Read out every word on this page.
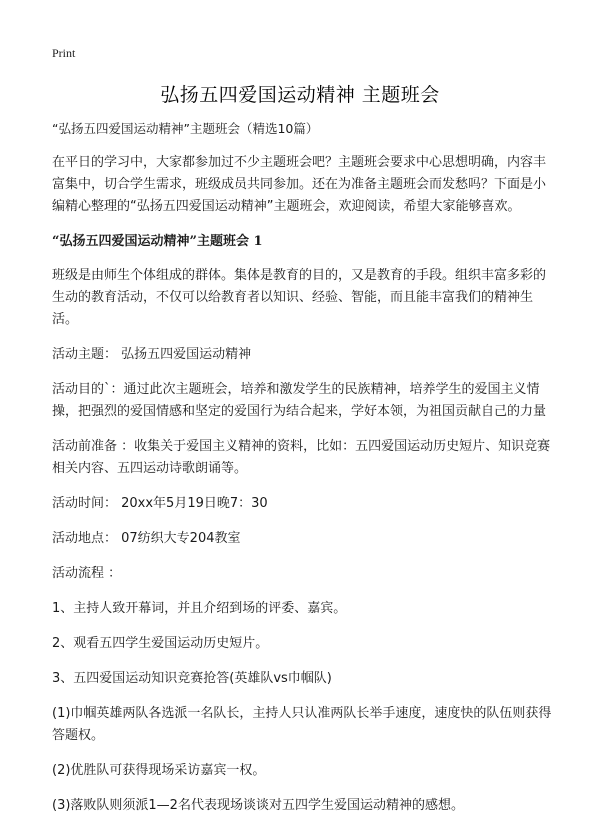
Print
弘扬五四爱国运动精神 主题班会

“弘扬五四爱国运动精神”主题班会（精选10篇）

在平日的学习中，大家都参加过不少主题班会吧？主题班会要求中心思想明确，内容丰富集中，切合学生需求，班级成员共同参加。还在为准备主题班会而发愁吗？下面是小编精心整理的“弘扬五四爱国运动精神”主题班会，欢迎阅读，希望大家能够喜欢。

“弘扬五四爱国运动精神”主题班会 1

班级是由师生个体组成的群体。集体是教育的目的，又是教育的手段。组织丰富多彩的生动的教育活动，不仅可以给教育者以知识、经验、智能，而且能丰富我们的精神生活。

活动主题： 弘扬五四爱国运动精神

活动目的`：通过此次主题班会，培养和激发学生的民族精神，培养学生的爱国主义情操，把强烈的爱国情感和坚定的爱国行为结合起来，学好本领，为祖国贡献自己的力量

活动前准备 ：收集关于爱国主义精神的资料，比如：五四爱国运动历史短片、知识竞赛相关内容、五四运动诗歌朗诵等。

活动时间： 20xx年5月19日晚7：30

活动地点： 07纺织大专204教室

活动流程 ：

1、主持人致开幕词，并且介绍到场的评委、嘉宾。

2、观看五四学生爱国运动历史短片。

3、五四爱国运动知识竞赛抢答(英雄队vs巾帼队)

(1)巾帼英雄两队各选派一名队长，主持人只认准两队长举手速度，速度快的队伍则获得答题权。

(2)优胜队可获得现场采访嘉宾一权。

(3)落败队则须派1—2名代表现场谈谈对五四学生爱国运动精神的感想。
